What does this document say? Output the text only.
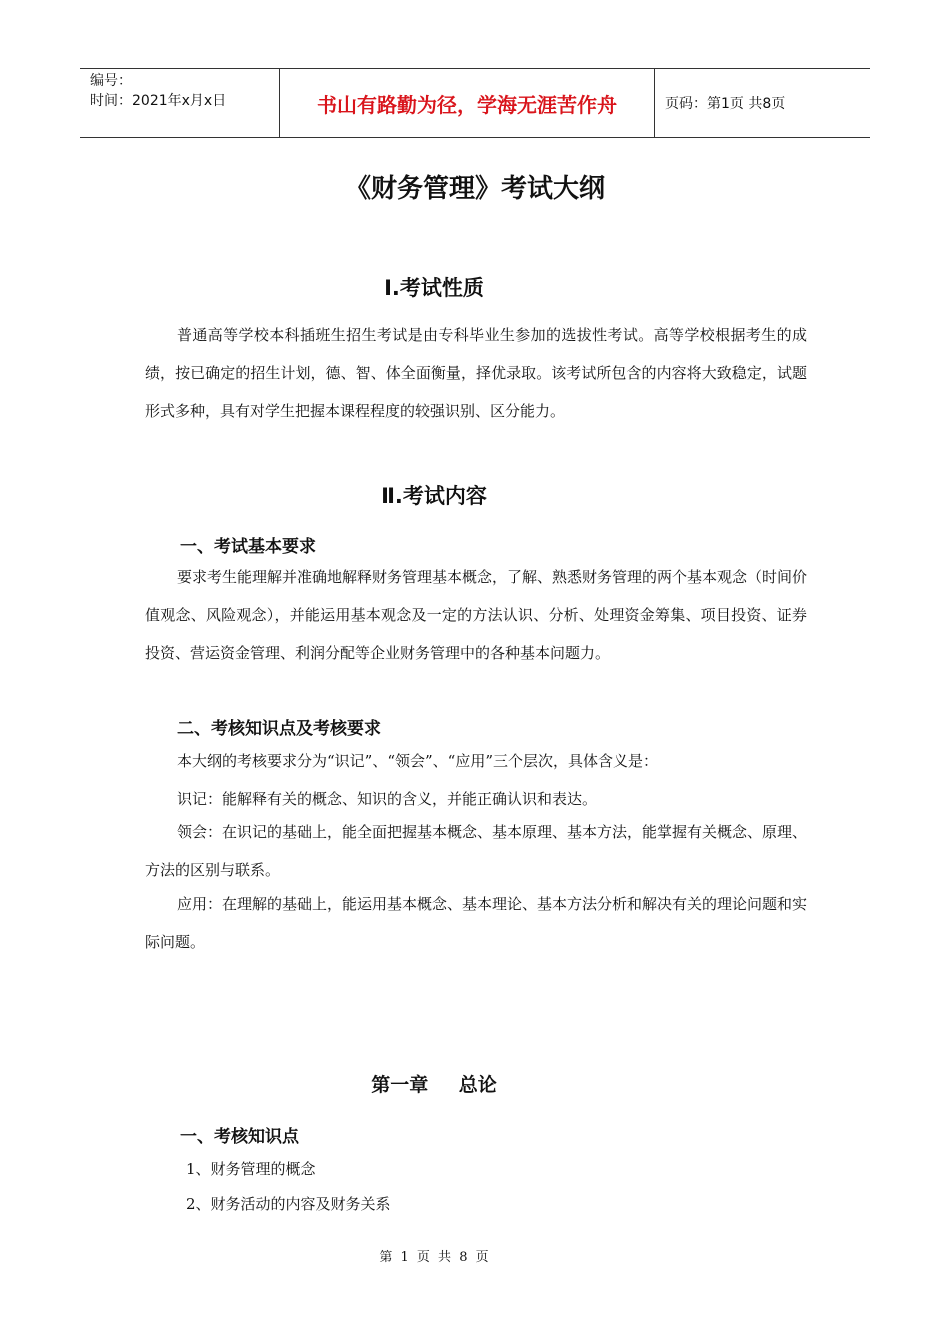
编号：
时间：2021年x月x日	书山有路勤为径，学海无涯苦作舟	页码：第1页 共8页
《财务管理》考试大纲
Ⅰ.考试性质

普通高等学校本科插班生招生考试是由专科毕业生参加的选拔性考试。高等学校根据考生的成绩，按已确定的招生计划，德、智、体全面衡量，择优录取。该考试所包含的内容将大致稳定，试题形式多种，具有对学生把握本课程程度的较强识别、区分能力。

Ⅱ.考试内容
一、考试基本要求

要求考生能理解并准确地解释财务管理基本概念，了解、熟悉财务管理的两个基本观念（时间价值观念、风险观念），并能运用基本观念及一定的方法认识、分析、处理资金筹集、项目投资、证券投资、营运资金管理、利润分配等企业财务管理中的各种基本问题力。

二、考核知识点及考核要求

本大纲的考核要求分为“识记”、“领会”、“应用”三个层次，具体含义是：

识记：能解释有关的概念、知识的含义，并能正确认识和表达。

领会：在识记的基础上，能全面把握基本概念、基本原理、基本方法，能掌握有关概念、原理、方法的区别与联系。

应用：在理解的基础上，能运用基本概念、基本理论、基本方法分析和解决有关的理论问题和实际问题。

第一章 总论
一、考核知识点
1、财务管理的概念
2、财务活动的内容及财务关系
第 1 页 共 8 页
